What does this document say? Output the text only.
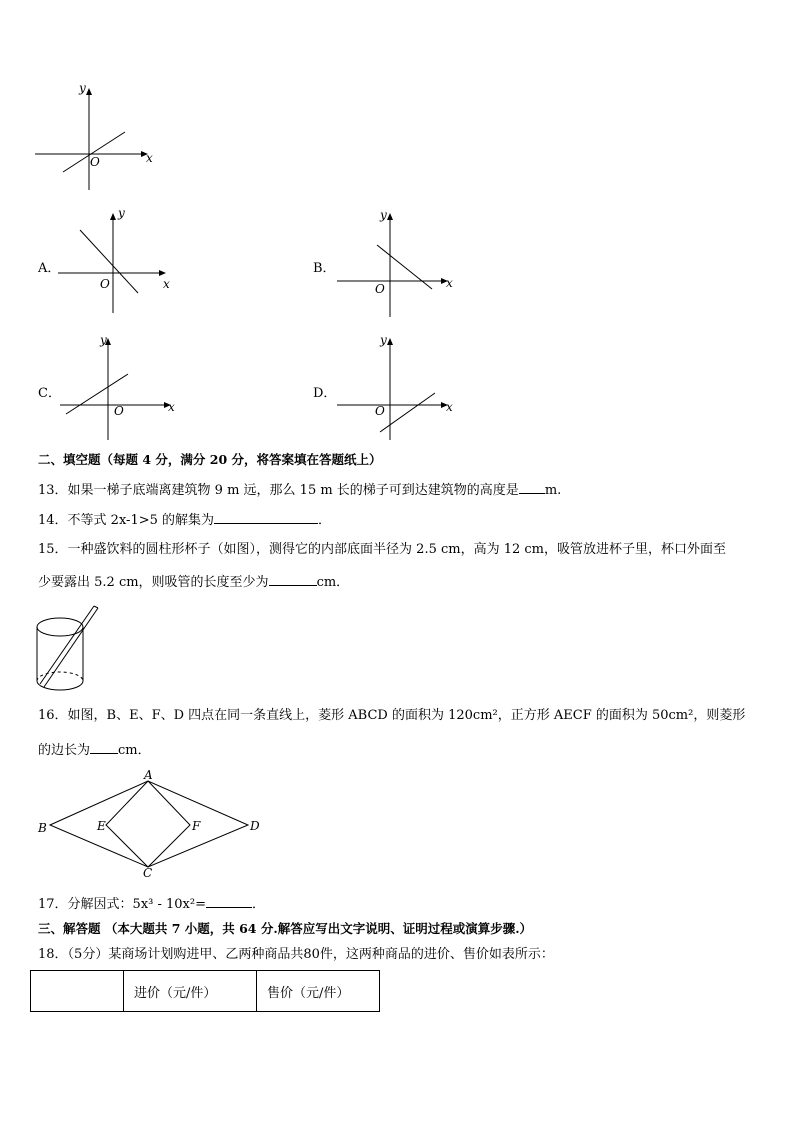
y
x
O
A．
y
x
O
B．
y
x
O
C．
y
x
O
D．
y
x
O
二、填空题（每题 4 分，满分 20 分，将答案填在答题纸上）
13．如果一梯子底端离建筑物 9 m 远，那么 15 m 长的梯子可到达建筑物的高度是 m.
14．不等式 2x-1>5 的解集为	．
15．一种盛饮料的圆柱形杯子（如图），测得它的内部底面半径为 2.5 cm，高为 12 cm，吸管放进杯子里，杯口外面至
少要露出 5.2 cm，则吸管的长度至少为	cm．
16．如图，B、E、F、D 四点在同一条直线上，菱形 ABCD 的面积为 120cm²，正方形 AECF 的面积为 50cm²，则菱形
的边长为 cm．
A
B
C
D
E	F
17．分解因式：5x³ - 10x²=	．
三、解答题 （本大题共 7 小题，共 64 分.解答应写出文字说明、证明过程或演算步骤.）
18．（5分）某商场计划购进甲、乙两种商品共80件，这两种商品的进价、售价如表所示：
	进价（元/件）	售价（元/件）
